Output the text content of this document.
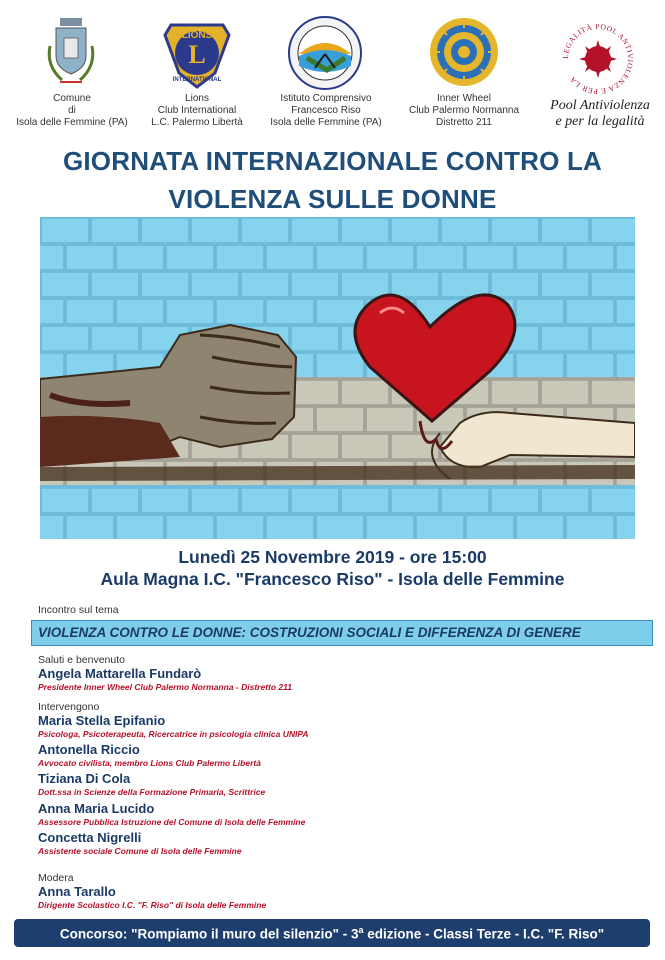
LIONS
L
INTERNATIONAL
LEGALITÀ POOL ANTIVIOLENZA E PER LA
Comune
di
Isola delle Femmine (PA)
Lions
Club International
L.C. Palermo Libertà
Istituto Comprensivo
Francesco Riso
Isola delle Femmine (PA)
Inner Wheel
Club Palermo Normanna
Distretto 211
Pool Antiviolenza
e per la legalità
GIORNATA INTERNAZIONALE CONTRO LA
VIOLENZA SULLE DONNE
Lunedì 25 Novembre 2019 - ore 15:00
Aula Magna I.C. "Francesco Riso" - Isola delle Femmine
Incontro sul tema
VIOLENZA CONTRO LE DONNE: COSTRUZIONI SOCIALI E DIFFERENZA DI GENERE
Saluti e benvenuto
Angela Mattarella Fundarò
Presidente Inner Wheel Club Palermo Normanna - Distretto 211
Intervengono
Maria Stella Epifanio
Psicologa, Psicoterapeuta, Ricercatrice in psicologia clinica UNIPA
Antonella Riccio
Avvocato civilista, membro Lions Club Palermo Libertà
Tiziana Di Cola
Dott.ssa in Scienze della Formazione Primaria, Scrittrice
Anna Maria Lucido
Assessore Pubblica Istruzione del Comune di Isola delle Femmine
Concetta Nigrelli
Assistente sociale Comune di Isola delle Femmine
Modera
Anna Tarallo
Dirigente Scolastico I.C. "F. Riso" di Isola delle Femmine
Concorso: "Rompiamo il muro del silenzio" - 3$^a$ edizione - Classi Terze - I.C. "F. Riso"
